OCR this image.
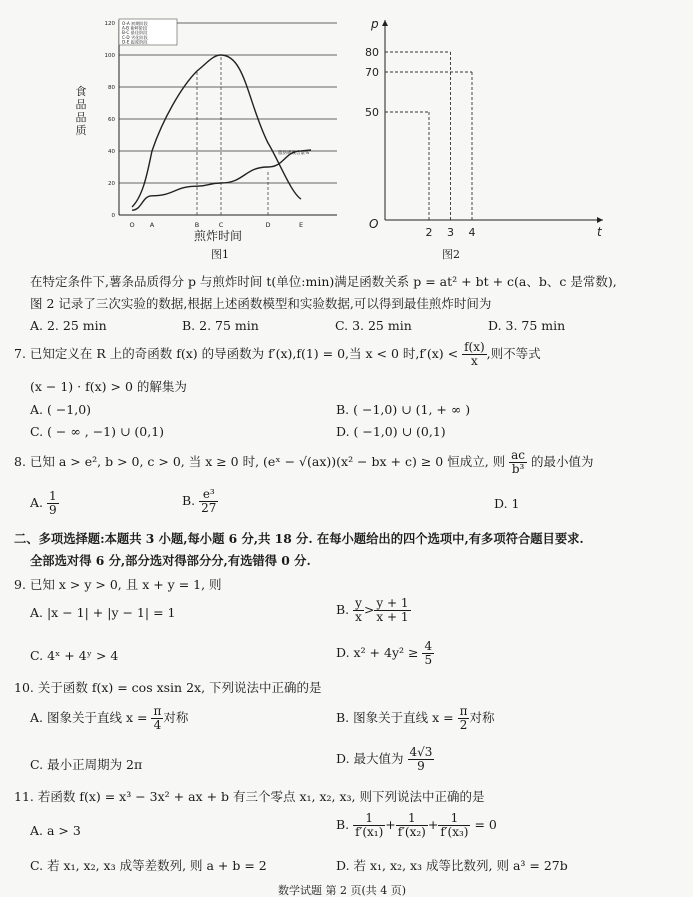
0
20
40
60
80
100
120
O A	B	C	D	E
O-A 初期阶段
A-B 新鲜阶段
B-C 最佳阶段
C-D 劣化阶段
D-E 报废阶段
脂肪吸收含量%
食品品质
煎炸时间
图1
50
70
80
2 3 4
p
t
O
图2
在特定条件下,薯条品质得分 p 与煎炸时间 t(单位:min)满足函数关系 p = at² + bt + c(a、b、c 是常数),
图 2 记录了三次实验的数据,根据上述函数模型和实验数据,可以得到最佳煎炸时间为
A. 2. 25 min	B. 2. 75 min	C. 3. 25 min	D. 3. 75 min
7. 已知定义在 R 上的奇函数 f(x) 的导函数为 f′(x),f(1) = 0,当 x < 0 时$,f'(x) < \frac{f(x)}{x}$ ,则不等式
(x − 1) · f(x) > 0 的解集为
A. ( −1,0)	B. ( −1,0) ∪ (1, + ∞ )
C. ( − ∞ , −1) ∪ (0,1)	D. ( −1,0) ∪ (0,1)
8. 已知 a > e², b > 0, c > 0, 当 x ≥ 0 时, (eˣ − √(ax))(x² − bx + c) ≥ 0 恒成立, 则 $\frac{ac}{\text{b³}}$ 的最小值为
A. $\frac{1}{9}$	B. $\frac{\text{e³}}{27}$	D. 1
二、多项选择题:本题共 3 小题,每小题 6 分,共 18 分. 在每小题给出的四个选项中,有多项符合题目要求.
全部选对得 6 分,部分选对得部分分,有选错得 0 分.
9. 已知 x > y > 0, 且 x + y = 1, 则
A. |x − 1| + |y − 1| = 1	B. $\frac{y}{x} > \frac{y + 1}{x + 1}$
C. 4ˣ + 4ʸ > 4	D. $x^2 + 4y^2 \ge \frac{4}{5}$
10. 关于函数 f(x) = cos xsin 2x, 下列说法中正确的是
A. 图象关于直线 $x = \frac{\pi}{4}$ 对称	B. 图象关于直线 $x = \frac{\pi}{2}$ 对称
C. 最小正周期为 2π	D. 最大值为 $\frac{4√3}{9}$
11. 若函数 f(x) = x³ − 3x² + ax + b 有三个零点 x₁, x₂, x₃, 则下列说法中正确的是
A. a > 3	B. $\frac{1}{\text{f′(x₁)}} + \frac{1}{\text{f′(x₂)}} + \frac{1}{\text{f′(x₃)}} = 0$
C. 若 x₁, x₂, x₃ 成等差数列, 则 a + b = 2	D. 若 x₁, x₂, x₃ 成等比数列, 则 a³ = 27b
数学试题 第 2 页(共 4 页)
